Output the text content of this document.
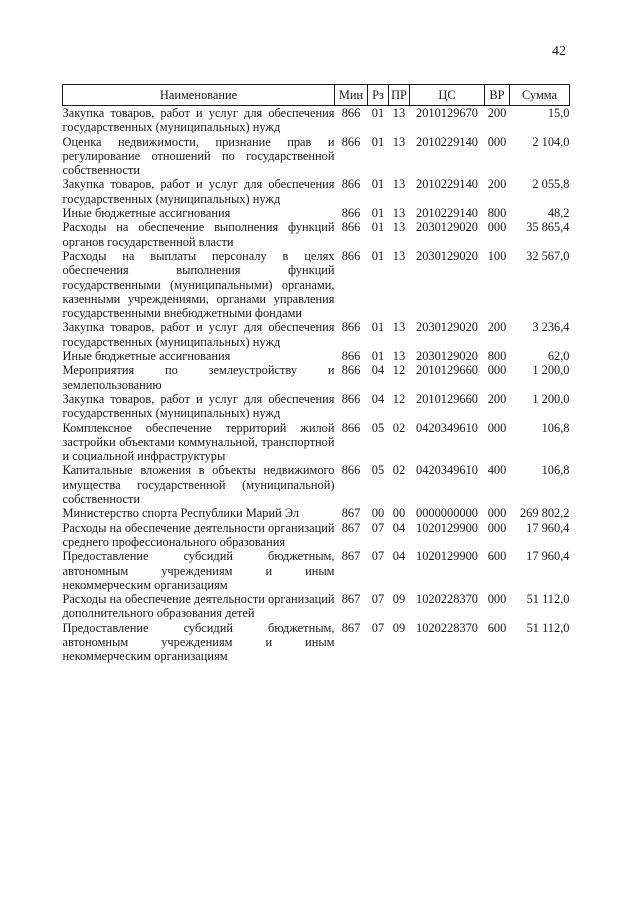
42
Наименование	Мин	Рз	ПР	ЦС	ВР	Сумма
Закупка товаров, работ и услуг для обеспечения государственных (муниципальных) нужд	866	01	13	2010129670	200	15,0
Оценка недвижимости, признание прав и регулирование отношений по государственной собственности	866	01	13	2010229140	000	2 104,0
Закупка товаров, работ и услуг для обеспечения государственных (муниципальных) нужд	866	01	13	2010229140	200	2 055,8
Иные бюджетные ассигнования	866	01	13	2010229140	800	48,2
Расходы на обеспечение выполнения функций органов государственной власти	866	01	13	2030129020	000	35 865,4
Расходы на выплаты персоналу в целях обеспечения выполнения функций государственными (муниципальными) органами, казенными учреждениями, органами управления государственными внебюджетными фондами	866	01	13	2030129020	100	32 567,0
Закупка товаров, работ и услуг для обеспечения государственных (муниципальных) нужд	866	01	13	2030129020	200	3 236,4
Иные бюджетные ассигнования	866	01	13	2030129020	800	62,0
Мероприятия по землеустройству и землепользованию	866	04	12	2010129660	000	1 200,0
Закупка товаров, работ и услуг для обеспечения государственных (муниципальных) нужд	866	04	12	2010129660	200	1 200,0
Комплексное обеспечение территорий жилой застройки объектами коммунальной, транспортной и социальной инфраструктуры	866	05	02	0420349610	000	106,8
Капитальные вложения в объекты недвижимого имущества государственной (муниципальной) собственности	866	05	02	0420349610	400	106,8
Министерство спорта Республики Марий Эл	867	00	00	0000000000	000	269 802,2
Расходы на обеспечение деятельности организаций среднего профессионального образования	867	07	04	1020129900	000	17 960,4
Предоставление субсидий бюджетным, автономным учреждениям и иным некоммерческим организациям	867	07	04	1020129900	600	17 960,4
Расходы на обеспечение деятельности организаций дополнительного образования детей	867	07	09	1020228370	000	51 112,0
Предоставление субсидий бюджетным, автономным учреждениям и иным некоммерческим организациям	867	07	09	1020228370	600	51 112,0
